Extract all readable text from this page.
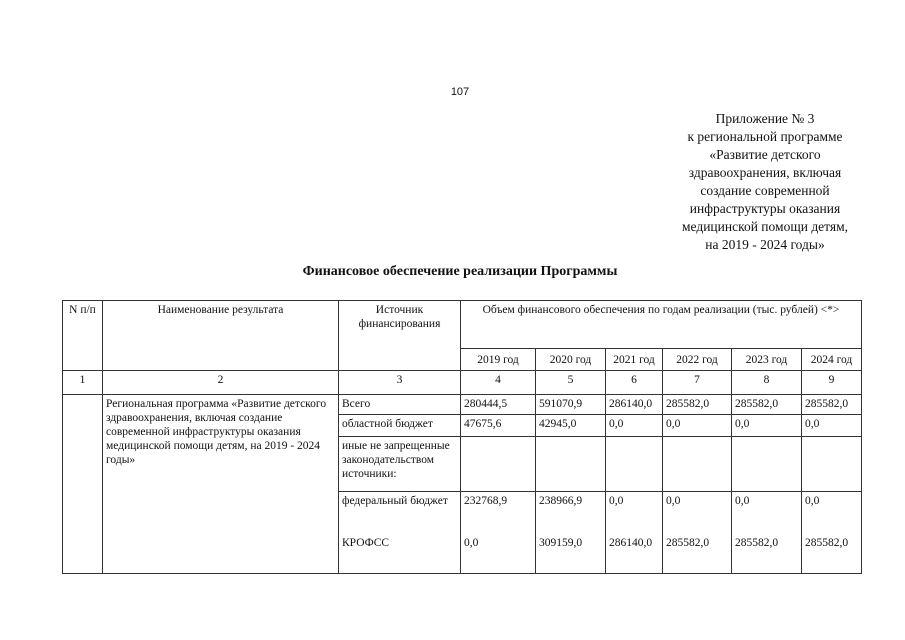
107
Приложение № 3
к региональной программе
«Развитие детского
здравоохранения, включая
создание современной
инфраструктуры оказания
медицинской помощи детям,
на 2019 - 2024 годы»
Финансовое обеспечение реализации Программы
N п/п	Наименование результата	Источник финансирования	Объем финансового обеспечения по годам реализации (тыс. рублей) <*>					
			2019 год	2020 год	2021 год	2022 год	2023 год	2024 год
1	2	3	4	5	6	7	8	9
	Региональная программа «Развитие детского здравоохранения, включая создание современной инфраструктуры оказания медицинской помощи детям, на 2019 - 2024 годы»	Всего	280444,5	591070,9	286140,0	285582,0	285582,0	285582,0
		областной бюджет	47675,6	42945,0	0,0	0,0	0,0	0,0
		иные не запрещенные законодательством источники:						
		федеральный бюджет	232768,9	238966,9	0,0	0,0	0,0	0,0
		КРОФСС	0,0	309159,0	286140,0	285582,0	285582,0	285582,0
